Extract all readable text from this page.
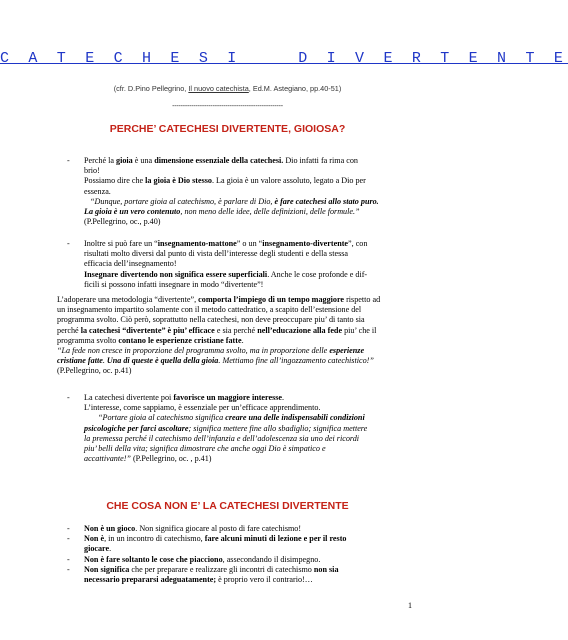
C A T E C H E S I    D I V E R T E N T E
(cfr. D.Pino Pellegrino, Il nuovo catechista, Ed.M. Astegiano, pp.40-51)
----------------------------------------------------
PERCHE’ CATECHESI DIVERTENTE, GIOIOSA?
- Perché la gioia è una dimensione essenziale della catechesi. Dio infatti fa rima con
brio!
Possiamo dire che la gioia è Dio stesso. La gioia è un valore assoluto, legato a Dio per
essenza.
“Dunque, portare gioia al catechismo, è parlare di Dio, è fare catechesi allo stato puro.
La gioia è un vero contenuto, non meno delle idee, delle definizioni, delle formule.”
(P.Pellegrino, oc., p.40)
- Inoltre si può fare un “insegnamento-mattone” o un “insegnamento-divertente”, con
risultati molto diversi dal punto di vista dell’interesse degli studenti e della stessa
efficacia dell’insegnamento!
Insegnare divertendo non significa essere superficiali. Anche le cose profonde e dif-
ficili si possono infatti insegnare in modo “divertente”!
L’adoperare una metodologia “divertente”, comporta l’impiego di un tempo maggiore rispetto ad
un insegnamento impartito solamente con il metodo cattedratico, a scapito dell’estensione del
programma svolto. Ciò però, soprattutto nella catechesi, non deve preoccupare piu’ di tanto sia
perché la catechesi “divertente” è piu’ efficace e sia perché nell’educazione alla fede piu’ che il
programma svolto contano le esperienze cristiane fatte.
“La fede non cresce in proporzione del programma svolto, ma in proporzione delle esperienze
cristiane fatte. Una di queste è quella della gioia. Mettiamo fine all’ingozzamento catechistico!”
(P.Pellegrino, oc. p.41)
- La catechesi divertente poi favorisce un maggiore interesse.
L’interesse, come sappiamo, è essenziale per un’efficace apprendimento.
“Portare gioia al catechismo significa creare una delle indispensabili condizioni
psicologiche per farci ascoltare; significa mettere fine allo sbadiglio; significa mettere
la premessa perché il catechismo dell’infanzia e dell’adolescenza sia uno dei ricordi
piu’ belli della vita; significa dimostrare che anche oggi Dio è simpatico e
accattivante!” (P.Pellegrino, oc. , p.41)
CHE COSA NON E’ LA CATECHESI DIVERTENTE
- Non è un gioco. Non significa giocare al posto di fare catechismo!
- Non è, in un incontro di catechismo, fare alcuni minuti di lezione e per il resto
giocare.
- Non è fare soltanto le cose che piacciono, assecondando il disimpegno.
- Non significa che per preparare e realizzare gli incontri di catechismo non sia
necessario prepararsi adeguatamente; è proprio vero il contrario!…
1
